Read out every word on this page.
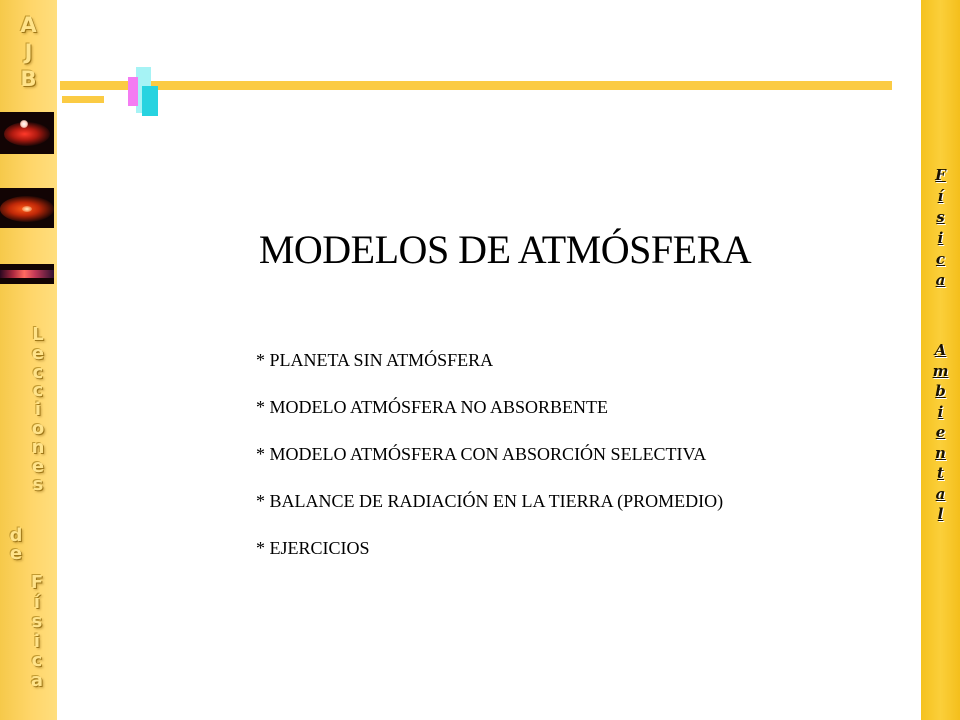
A
J
B
L
e
c
c
i
o
n
e
s
d
e
F
í
s
i
c
a
F
í
s
i
c
a
A
m
b
i
e
n
t
a
l
MODELOS DE ATMÓSFERA
* PLANETA SIN ATMÓSFERA
* MODELO ATMÓSFERA NO ABSORBENTE
* MODELO ATMÓSFERA CON ABSORCIÓN SELECTIVA
* BALANCE DE RADIACIÓN EN LA TIERRA (PROMEDIO)
* EJERCICIOS
